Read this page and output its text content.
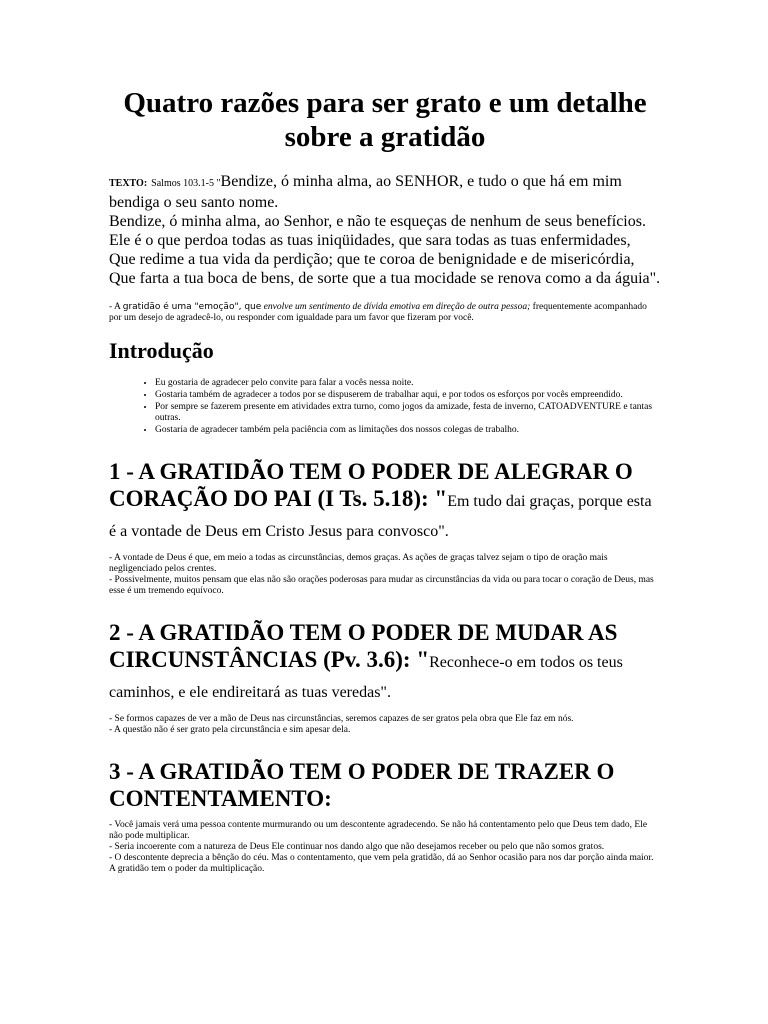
Quatro razões para ser grato e um detalhe sobre a gratidão
TEXTO: Salmos 103.1-5 "Bendize, ó minha alma, ao SENHOR, e tudo o que há em mim bendiga o seu santo nome.
Bendize, ó minha alma, ao Senhor, e não te esqueças de nenhum de seus benefícios.
Ele é o que perdoa todas as tuas iniqüidades, que sara todas as tuas enfermidades,
Que redime a tua vida da perdição; que te coroa de benignidade e de misericórdia,
Que farta a tua boca de bens, de sorte que a tua mocidade se renova como a da águia".
- A gratidão é uma "emoção", que envolve um sentimento de dívida emotiva em direção de outra pessoa; frequentemente acompanhado por um desejo de agradecê-lo, ou responder com igualdade para um favor que fizeram por você.
Introdução
• Eu gostaria de agradecer pelo convite para falar a vocês nessa noite.
• Gostaria também de agradecer a todos por se dispuserem de trabalhar aqui, e por todos os esforços por vocês empreendido.
• Por sempre se fazerem presente em atividades extra turno, como jogos da amizade, festa de inverno, CATOADVENTURE e tantas outras.
• Gostaria de agradecer também pela paciência com as limitações dos nossos colegas de trabalho.
1 - A GRATIDÃO TEM O PODER DE ALEGRAR O CORAÇÃO DO PAI (I Ts. 5.18): "Em tudo dai graças, porque esta é a vontade de Deus em Cristo Jesus para convosco".
- A vontade de Deus é que, em meio a todas as circunstâncias, demos graças. As ações de graças talvez sejam o tipo de oração mais negligenciado pelos crentes.
- Possivelmente, muitos pensam que elas não são orações poderosas para mudar as circunstâncias da vida ou para tocar o coração de Deus, mas esse é um tremendo equívoco.
2 - A GRATIDÃO TEM O PODER DE MUDAR AS CIRCUNSTÂNCIAS (Pv. 3.6): "Reconhece-o em todos os teus caminhos, e ele endireitará as tuas veredas".
- Se formos capazes de ver a mão de Deus nas circunstâncias, seremos capazes de ser gratos pela obra que Ele faz em nós.
- A questão não é ser grato pela circunstância e sim apesar dela.
3 - A GRATIDÃO TEM O PODER DE TRAZER O CONTENTAMENTO:
- Você jamais verá uma pessoa contente murmurando ou um descontente agradecendo. Se não há contentamento pelo que Deus tem dado, Ele não pode multiplicar.
- Seria incoerente com a natureza de Deus Ele continuar nos dando algo que não desejamos receber ou pelo que não somos gratos.
- O descontente deprecia a bênção do céu. Mas o contentamento, que vem pela gratidão, dá ao Senhor ocasião para nos dar porção ainda maior. A gratidão tem o poder da multiplicação.
